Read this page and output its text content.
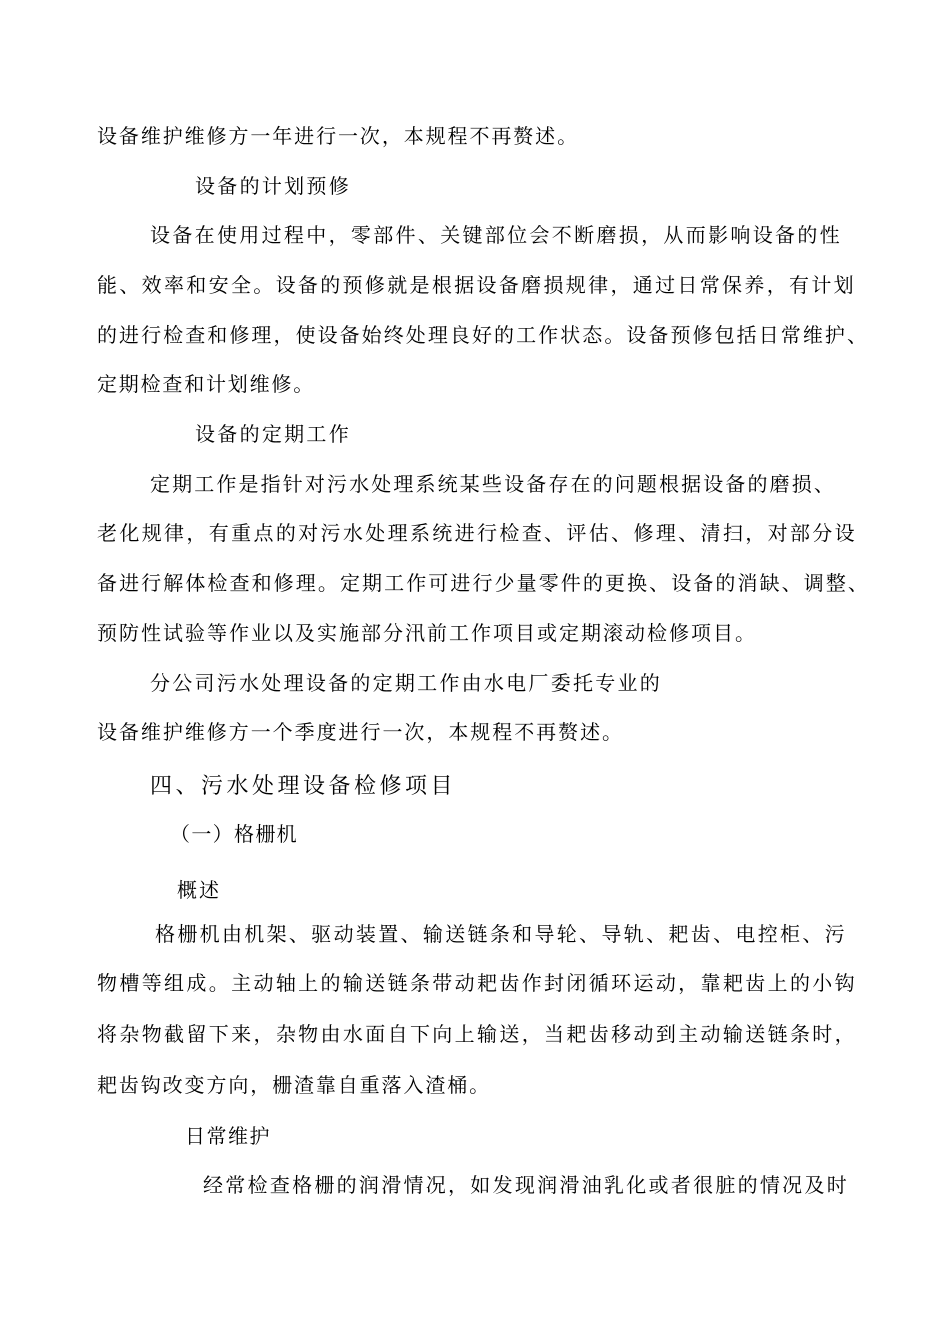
设备维护维修方一年进行一次，本规程不再赘述。
设备的计划预修
设备在使用过程中，零部件、关键部位会不断磨损，从而影响设备的性
能、效率和安全。设备的预修就是根据设备磨损规律，通过日常保养，有计划
的进行检查和修理，使设备始终处理良好的工作状态。设备预修包括日常维护、
定期检查和计划维修。
设备的定期工作
定期工作是指针对污水处理系统某些设备存在的问题根据设备的磨损、
老化规律，有重点的对污水处理系统进行检查、评估、修理、清扫，对部分设
备进行解体检查和修理。定期工作可进行少量零件的更换、设备的消缺、调整、
预防性试验等作业以及实施部分汛前工作项目或定期滚动检修项目。
分公司污水处理设备的定期工作由水电厂委托专业的
设备维护维修方一个季度进行一次，本规程不再赘述。
四、污水处理设备检修项目
（一）格栅机
概述
格栅机由机架、驱动装置、输送链条和导轮、导轨、耙齿、电控柜、污
物槽等组成。主动轴上的输送链条带动耙齿作封闭循环运动，靠耙齿上的小钩
将杂物截留下来，杂物由水面自下向上输送，当耙齿移动到主动输送链条时，
耙齿钩改变方向，栅渣靠自重落入渣桶。
日常维护
经常检查格栅的润滑情况，如发现润滑油乳化或者很脏的情况及时
